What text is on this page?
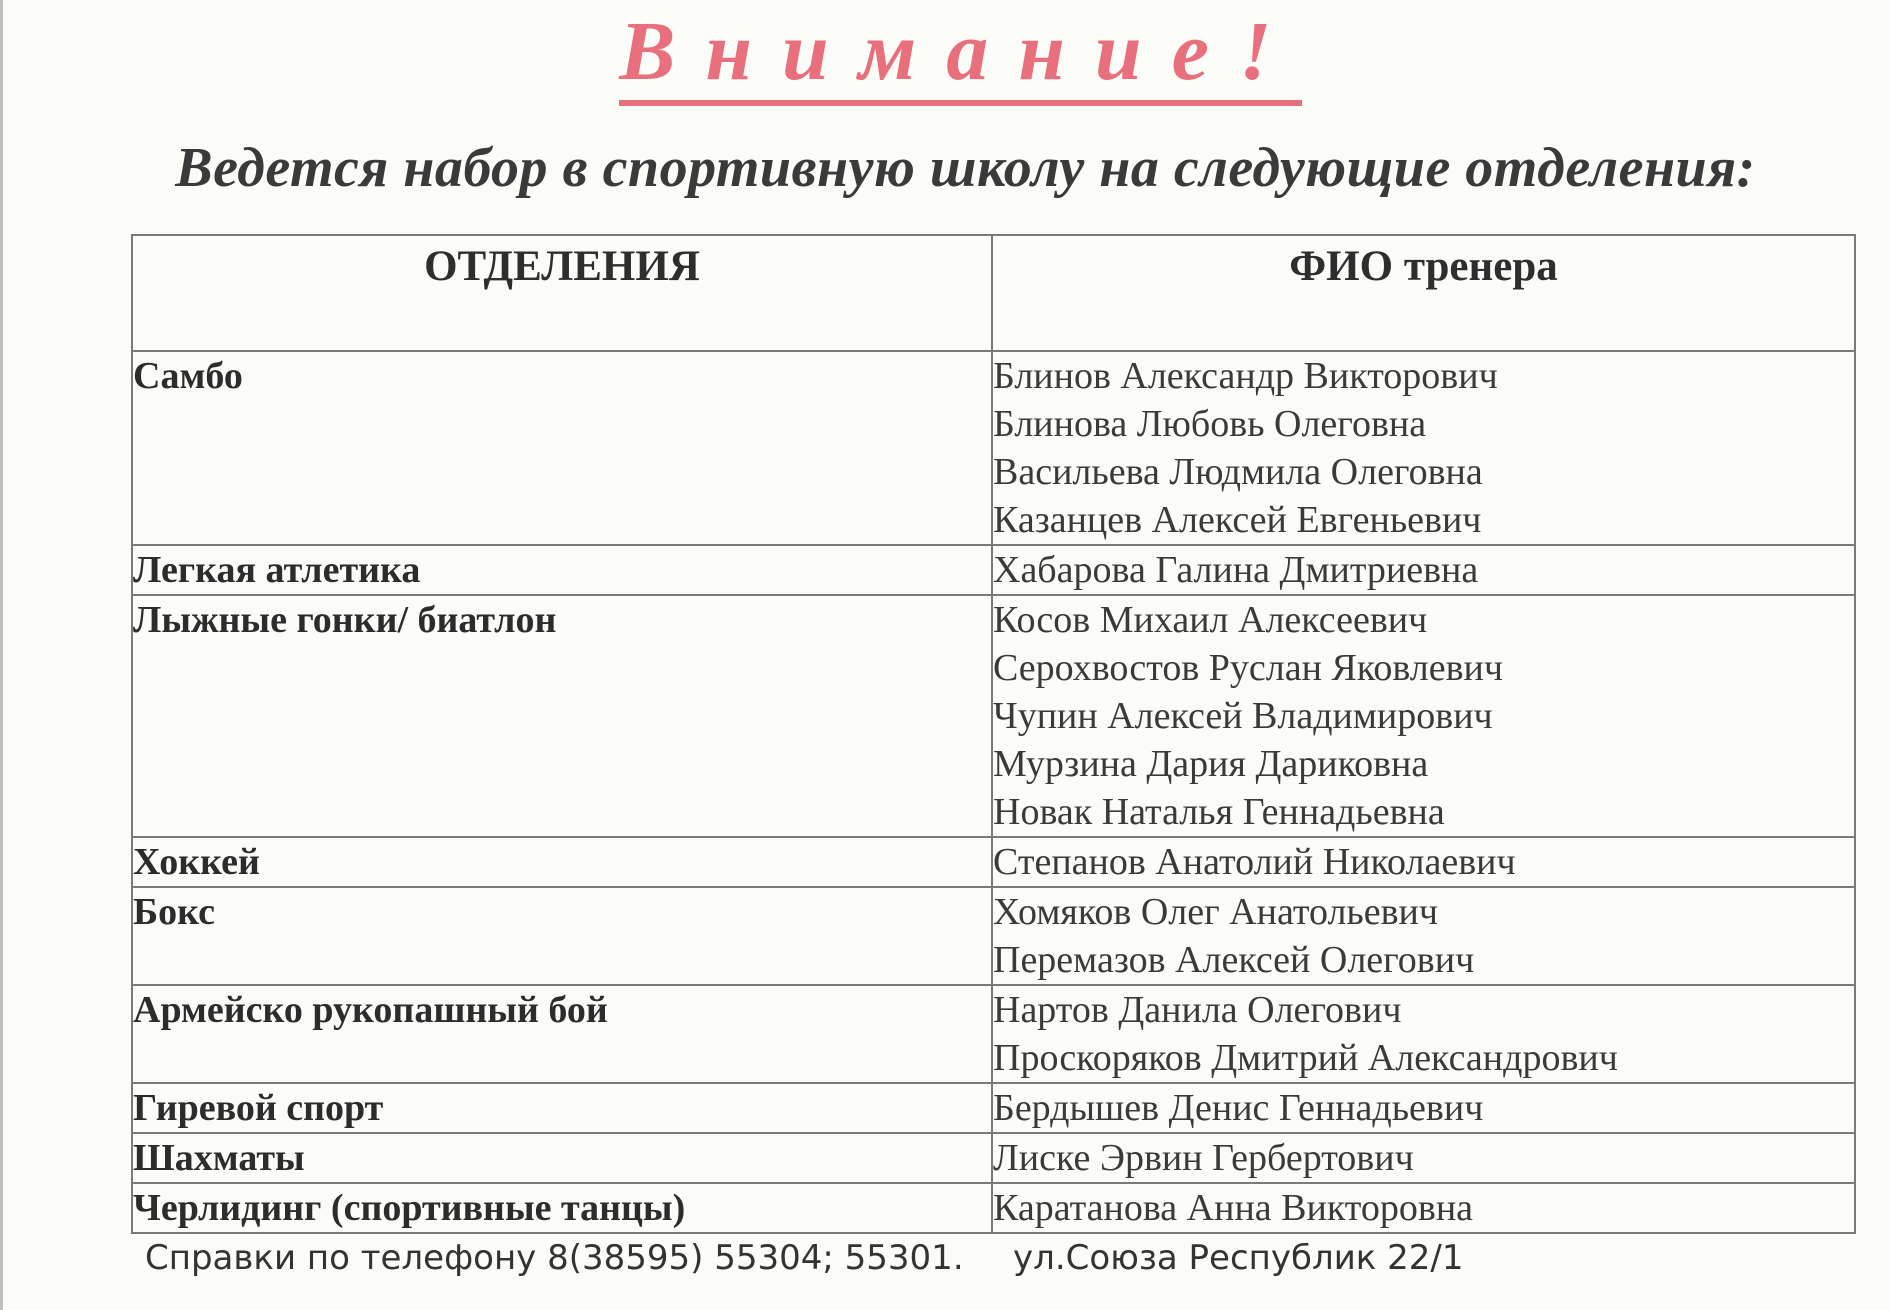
Внимание!
Ведется набор в спортивную школу на следующие отделения:
ОТДЕЛЕНИЯ	ФИО тренера
Самбо	Блинов Александр Викторович
Блинова Любовь Олеговна
Васильева Людмила Олеговна
Казанцев Алексей Евгеньевич

Легкая атлетика	Хабарова Галина Дмитриевна

Лыжные гонки/ биатлон	Косов Михаил Алексеевич
Серохвостов Руслан Яковлевич
Чупин Алексей Владимирович
Мурзина Дария Дариковна
Новак Наталья Геннадьевна

Хоккей	Степанов Анатолий Николаевич

Бокс	Хомяков Олег Анатольевич
Перемазов Алексей Олегович

Армейско рукопашный бой	Нартов Данила Олегович
Проскоряков Дмитрий Александрович

Гиревой спорт	Бердышев Денис Геннадьевич

Шахматы	Лиске Эрвин Гербертович

Черлидинг (спортивные танцы)	Каратанова Анна Викторовна
Справки по телефону 8(38595) 55304; 55301. ул.Союза Республик 22/1
